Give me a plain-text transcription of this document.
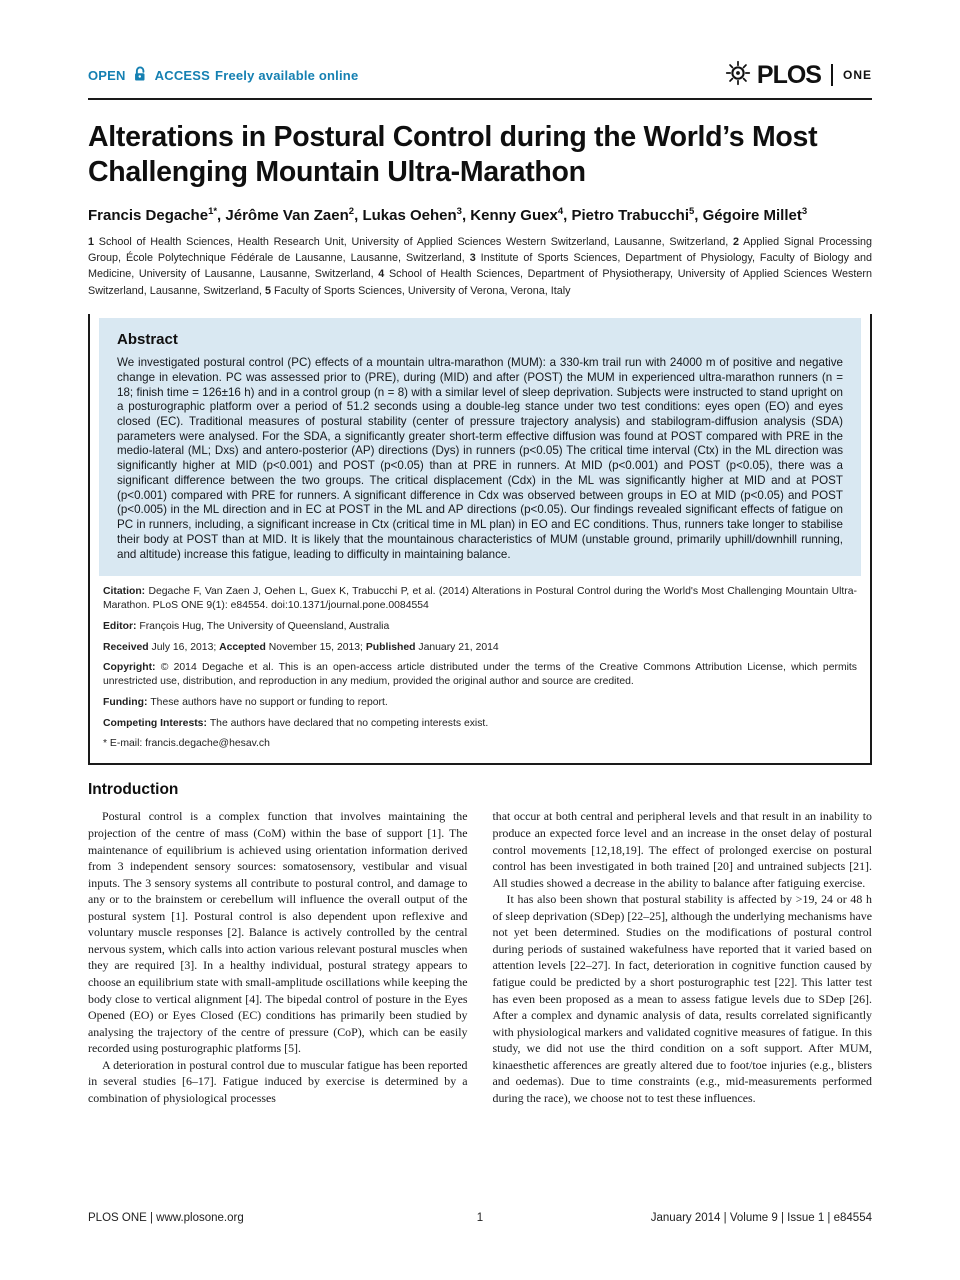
OPEN ACCESS Freely available online	PLOS ONE
Alterations in Postural Control during the World’s Most Challenging Mountain Ultra-Marathon
Francis Degache$^{1*}$, Jérôme Van Zaen$^2$, Lukas Oehen$^3$, Kenny Guex$^4$, Pietro Trabucchi$^5$, Gégoire Millet$^3$

1 School of Health Sciences, Health Research Unit, University of Applied Sciences Western Switzerland, Lausanne, Switzerland, 2 Applied Signal Processing Group, École Polytechnique Fédérale de Lausanne, Lausanne, Switzerland, 3 Institute of Sports Sciences, Department of Physiology, Faculty of Biology and Medicine, University of Lausanne, Lausanne, Switzerland, 4 School of Health Sciences, Department of Physiotherapy, University of Applied Sciences Western Switzerland, Lausanne, Switzerland, 5 Faculty of Sports Sciences, University of Verona, Verona, Italy

Abstract

We investigated postural control (PC) effects of a mountain ultra-marathon (MUM): a 330-km trail run with 24000 m of positive and negative change in elevation. PC was assessed prior to (PRE), during (MID) and after (POST) the MUM in experienced ultra-marathon runners (n = 18; finish time = 126±16 h) and in a control group (n = 8) with a similar level of sleep deprivation. Subjects were instructed to stand upright on a posturographic platform over a period of 51.2 seconds using a double-leg stance under two test conditions: eyes open (EO) and eyes closed (EC). Traditional measures of postural stability (center of pressure trajectory analysis) and stabilogram-diffusion analysis (SDA) parameters were analysed. For the SDA, a significantly greater short-term effective diffusion was found at POST compared with PRE in the medio-lateral (ML; Dxs) and antero-posterior (AP) directions (Dys) in runners (p<0.05) The critical time interval (Ctx) in the ML direction was significantly higher at MID (p<0.001) and POST (p<0.05) than at PRE in runners. At MID (p<0.001) and POST (p<0.05), there was a significant difference between the two groups. The critical displacement (Cdx) in the ML was significantly higher at MID and at POST (p<0.001) compared with PRE for runners. A significant difference in Cdx was observed between groups in EO at MID (p<0.05) and POST (p<0.005) in the ML direction and in EC at POST in the ML and AP directions (p<0.05). Our findings revealed significant effects of fatigue on PC in runners, including, a significant increase in Ctx (critical time in ML plan) in EO and EC conditions. Thus, runners take longer to stabilise their body at POST than at MID. It is likely that the mountainous characteristics of MUM (unstable ground, primarily uphill/downhill running, and altitude) increase this fatigue, leading to difficulty in maintaining balance.

Citation: Degache F, Van Zaen J, Oehen L, Guex K, Trabucchi P, et al. (2014) Alterations in Postural Control during the World's Most Challenging Mountain Ultra-Marathon. PLoS ONE 9(1): e84554. doi:10.1371/journal.pone.0084554

Editor: François Hug, The University of Queensland, Australia

Received July 16, 2013; Accepted November 15, 2013; Published January 21, 2014

Copyright: © 2014 Degache et al. This is an open-access article distributed under the terms of the Creative Commons Attribution License, which permits unrestricted use, distribution, and reproduction in any medium, provided the original author and source are credited.

Funding: These authors have no support or funding to report.

Competing Interests: The authors have declared that no competing interests exist.

* E-mail: francis.degache@hesav.ch

Introduction

Postural control is a complex function that involves maintaining the projection of the centre of mass (CoM) within the base of support [1]. The maintenance of equilibrium is achieved using orientation information derived from 3 independent sensory sources: somatosensory, vestibular and visual inputs. The 3 sensory systems all contribute to postural control, and damage to any or to the brainstem or cerebellum will influence the overall output of the postural system [1]. Postural control is also dependent upon reflexive and voluntary muscle responses [2]. Balance is actively controlled by the central nervous system, which calls into action various relevant postural muscles when they are required [3]. In a healthy individual, postural strategy appears to choose an equilibrium state with small-amplitude oscillations while keeping the body close to vertical alignment [4]. The bipedal control of posture in the Eyes Opened (EO) or Eyes Closed (EC) conditions has primarily been studied by analysing the trajectory of the centre of pressure (CoP), which can be easily recorded using posturographic platforms [5].

A deterioration in postural control due to muscular fatigue has been reported in several studies [6–17]. Fatigue induced by exercise is determined by a combination of physiological processes

that occur at both central and peripheral levels and that result in an inability to produce an expected force level and an increase in the onset delay of postural control movements [12,18,19]. The effect of prolonged exercise on postural control has been investigated in both trained [20] and untrained subjects [21]. All studies showed a decrease in the ability to balance after fatiguing exercise.

It has also been shown that postural stability is affected by >19, 24 or 48 h of sleep deprivation (SDep) [22–25], although the underlying mechanisms have not yet been determined. Studies on the modifications of postural control during periods of sustained wakefulness have reported that it varied based on attention levels [22–27]. In fact, deterioration in cognitive function caused by fatigue could be predicted by a short posturographic test [22]. This latter test has even been proposed as a mean to assess fatigue levels due to SDep [26]. After a complex and dynamic analysis of data, results correlated significantly with physiological markers and validated cognitive measures of fatigue. In this study, we did not use the third condition on a soft support. After MUM, kinaesthetic afferences are greatly altered due to foot/toe injuries (e.g., blisters and oedemas). Due to time constraints (e.g., mid-measurements performed during the race), we choose not to test these influences.

PLOS ONE | www.plosone.org	1	January 2014 | Volume 9 | Issue 1 | e84554
